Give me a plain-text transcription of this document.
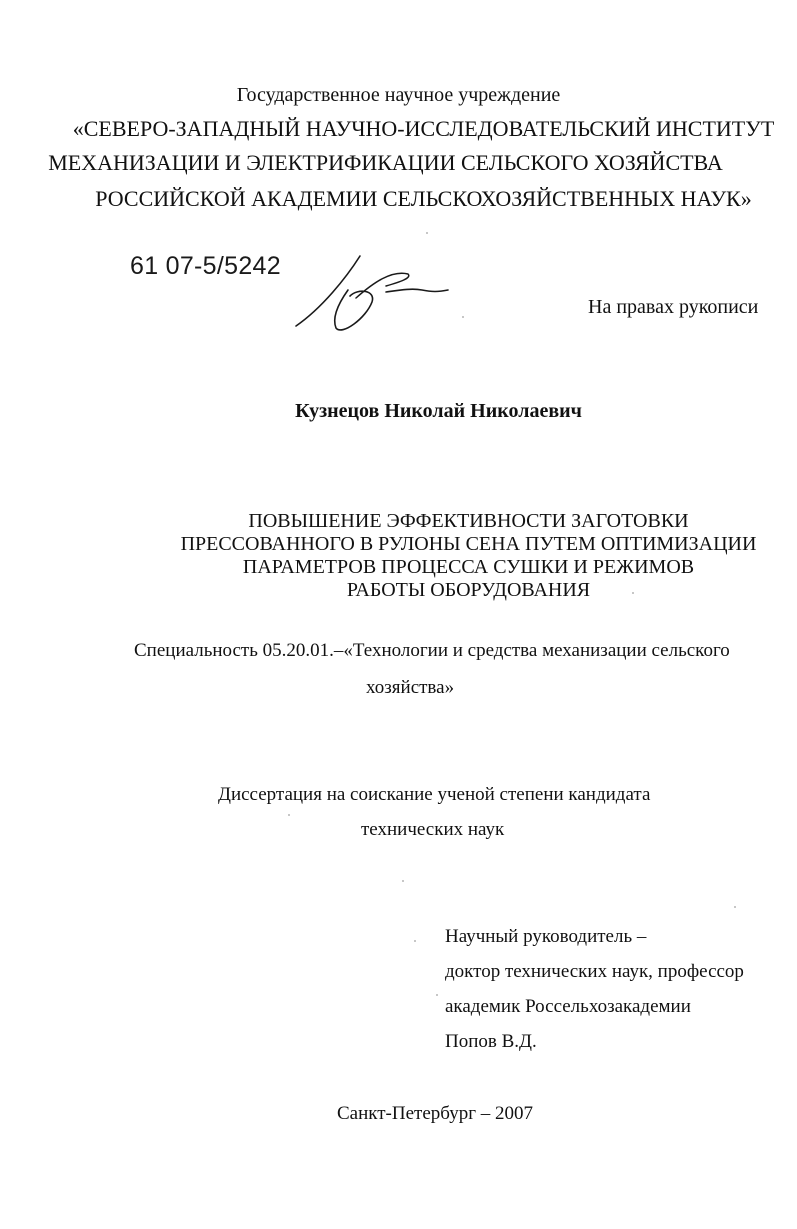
Государственное научное учреждение
«СЕВЕРО-ЗАПАДНЫЙ НАУЧНО-ИССЛЕДОВАТЕЛЬСКИЙ ИНСТИТУТ
МЕХАНИЗАЦИИ И ЭЛЕКТРИФИКАЦИИ СЕЛЬСКОГО ХОЗЯЙСТВА
РОССИЙСКОЙ АКАДЕМИИ СЕЛЬСКОХОЗЯЙСТВЕННЫХ НАУК»
61 07-5/5242
На правах рукописи
Кузнецов Николай Николаевич
ПОВЫШЕНИЕ ЭФФЕКТИВНОСТИ ЗАГОТОВКИ
ПРЕССОВАННОГО В РУЛОНЫ СЕНА ПУТЕМ ОПТИМИЗАЦИИ
ПАРАМЕТРОВ ПРОЦЕССА СУШКИ И РЕЖИМОВ
РАБОТЫ ОБОРУДОВАНИЯ
Специальность 05.20.01.–«Технологии и средства механизации сельского
хозяйства»
Диссертация на соискание ученой степени кандидата
технических наук
Научный руководитель –
доктор технических наук, профессор
академик Россельхозакадемии
Попов В.Д.
Санкт-Петербург – 2007
